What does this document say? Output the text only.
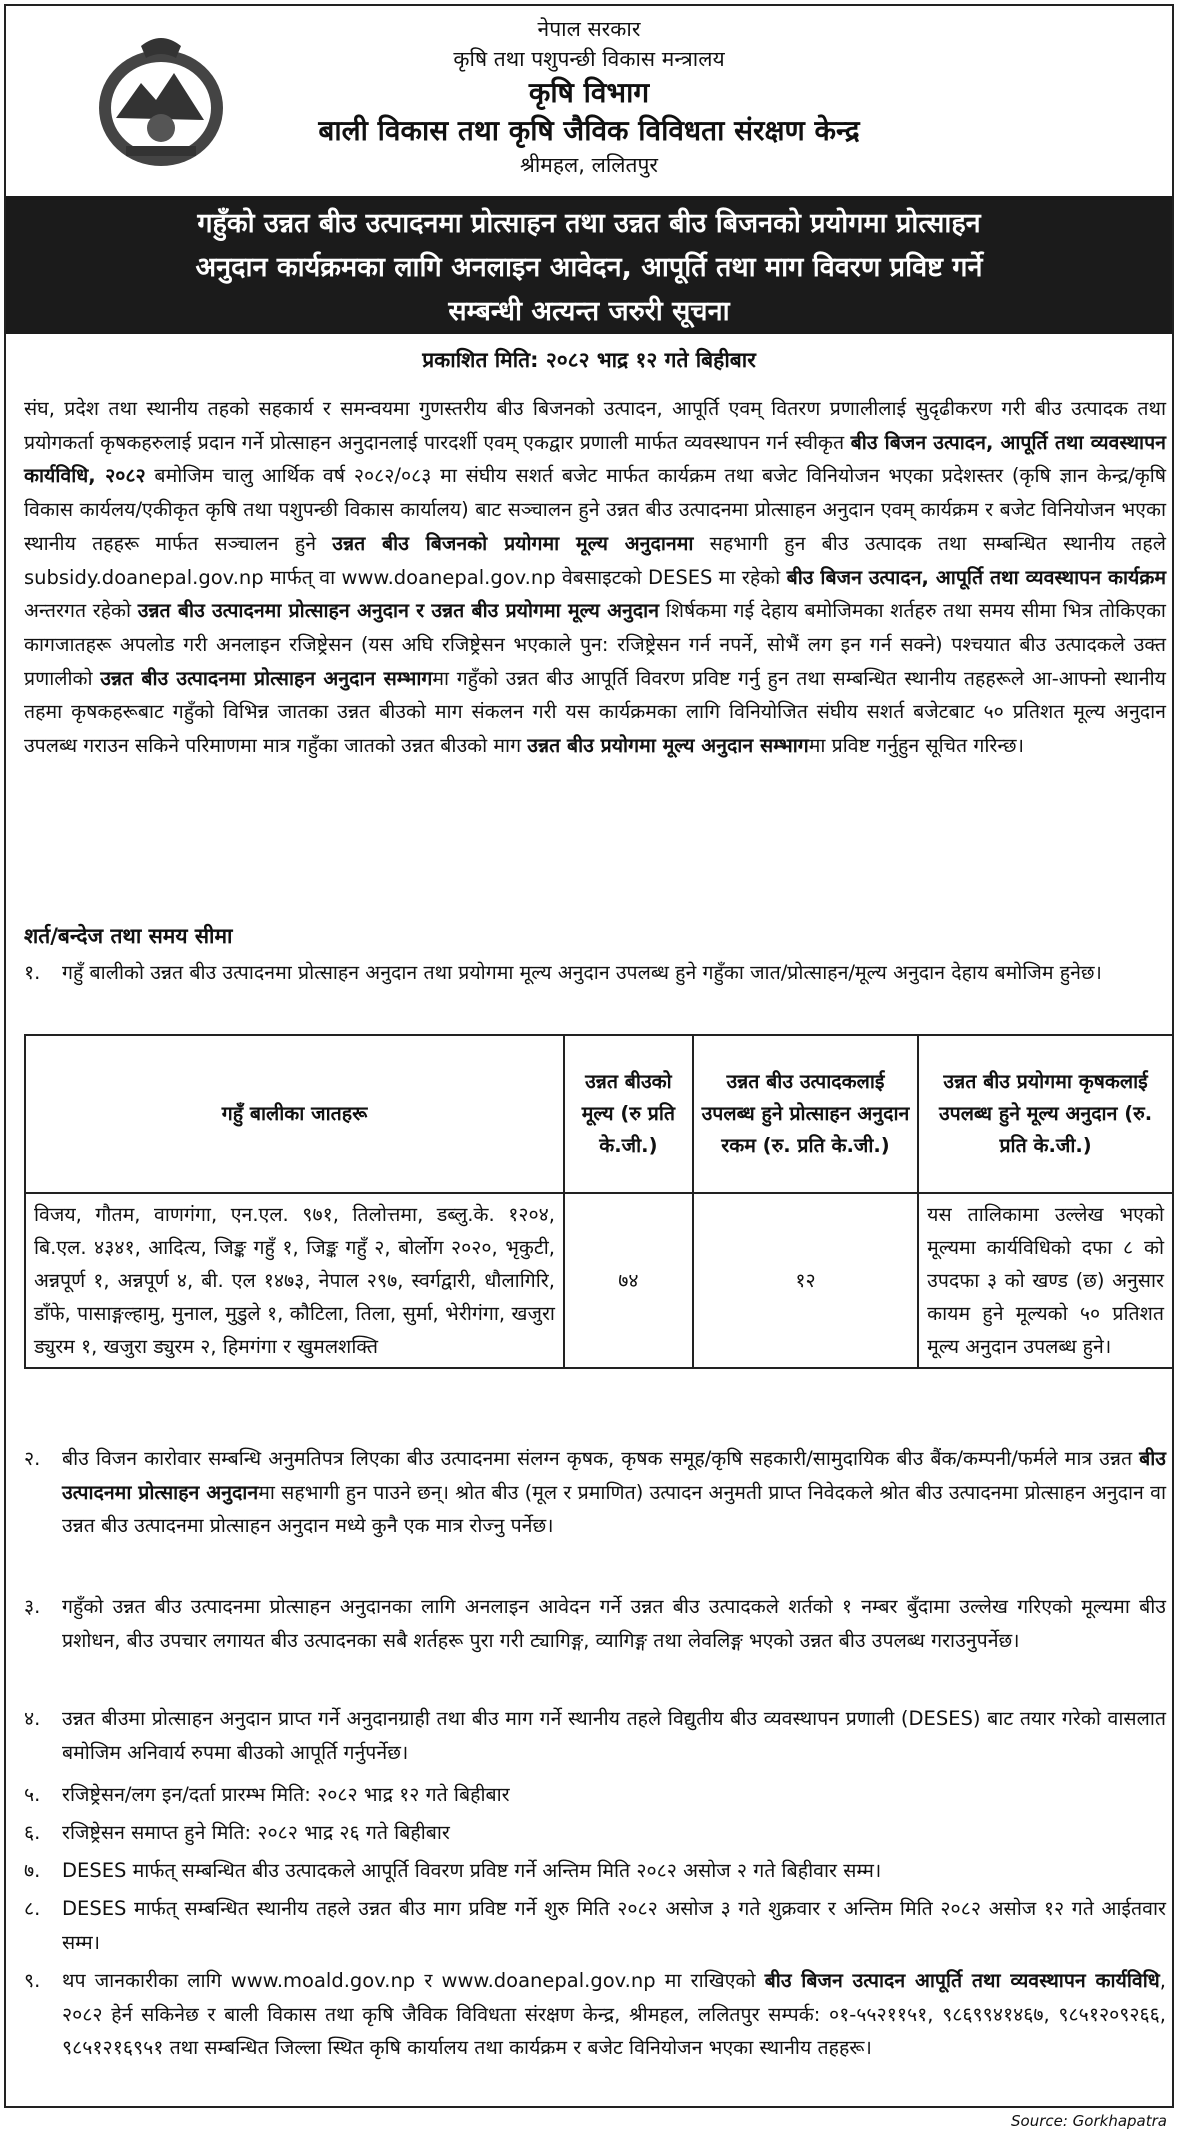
नेपाल सरकार
कृषि तथा पशुपन्छी विकास मन्त्रालय
कृषि विभाग
बाली विकास तथा कृषि जैविक विविधता संरक्षण केन्द्र
श्रीमहल, ललितपुर
गहुँको उन्नत बीउ उत्पादनमा प्रोत्साहन तथा उन्नत बीउ बिजनको प्रयोगमा प्रोत्साहन
अनुदान कार्यक्रमका लागि अनलाइन आवेदन, आपूर्ति तथा माग विवरण प्रविष्ट गर्ने
सम्बन्धी अत्यन्त जरुरी सूचना
प्रकाशित मिति: २०८२ भाद्र १२ गते बिहीबार
संघ, प्रदेश तथा स्थानीय तहको सहकार्य र समन्वयमा गुणस्तरीय बीउ बिजनको उत्पादन, आपूर्ति एवम् वितरण प्रणालीलाई सुदृढीकरण गरी बीउ उत्पादक तथा प्रयोगकर्ता कृषकहरुलाई प्रदान गर्ने प्रोत्साहन अनुदानलाई पारदर्शी एवम् एकद्वार प्रणाली मार्फत व्यवस्थापन गर्न स्वीकृत बीउ बिजन उत्पादन, आपूर्ति तथा व्यवस्थापन कार्यविधि, २०८२ बमोजिम चालु आर्थिक वर्ष २०८२/०८३ मा संघीय सशर्त बजेट मार्फत कार्यक्रम तथा बजेट विनियोजन भएका प्रदेशस्तर (कृषि ज्ञान केन्द्र/कृषि विकास कार्यलय/एकीकृत कृषि तथा पशुपन्छी विकास कार्यालय) बाट सञ्चालन हुने उन्नत बीउ उत्पादनमा प्रोत्साहन अनुदान एवम् कार्यक्रम र बजेट विनियोजन भएका स्थानीय तहहरू मार्फत सञ्चालन हुने उन्नत बीउ बिजनको प्रयोगमा मूल्य अनुदानमा सहभागी हुन बीउ उत्पादक तथा सम्बन्धित स्थानीय तहले subsidy.doanepal.gov.np मार्फत् वा www.doanepal.gov.np वेबसाइटको DESES मा रहेको बीउ बिजन उत्पादन, आपूर्ति तथा व्यवस्थापन कार्यक्रम अन्तरगत रहेको उन्नत बीउ उत्पादनमा प्रोत्साहन अनुदान र उन्नत बीउ प्रयोगमा मूल्य अनुदान शिर्षकमा गई देहाय बमोजिमका शर्तहरु तथा समय सीमा भित्र तोकिएका कागजातहरू अपलोड गरी अनलाइन रजिष्ट्रेसन (यस अघि रजिष्ट्रेसन भएकाले पुन: रजिष्ट्रेसन गर्न नपर्ने, सोभैं लग इन गर्न सक्ने) पश्चयात बीउ उत्पादकले उक्त प्रणालीको उन्नत बीउ उत्पादनमा प्रोत्साहन अनुदान सम्भागमा गहुँको उन्नत बीउ आपूर्ति विवरण प्रविष्ट गर्नु हुन तथा सम्बन्धित स्थानीय तहहरूले आ-आफ्नो स्थानीय तहमा कृषकहरूबाट गहुँको विभिन्न जातका उन्नत बीउको माग संकलन गरी यस कार्यक्रमका लागि विनियोजित संघीय सशर्त बजेटबाट ५० प्रतिशत मूल्य अनुदान उपलब्ध गराउन सकिने परिमाणमा मात्र गहुँका जातको उन्नत बीउको माग उन्नत बीउ प्रयोगमा मूल्य अनुदान सम्भागमा प्रविष्ट गर्नुहुन सूचित गरिन्छ।
शर्त/बन्देज तथा समय सीमा
१.	गहुँ बालीको उन्नत बीउ उत्पादनमा प्रोत्साहन अनुदान तथा प्रयोगमा मूल्य अनुदान उपलब्ध हुने गहुँका जात/प्रोत्साहन/मूल्य अनुदान देहाय बमोजिम हुनेछ।
गहुँ बालीका जातहरू	उन्नत बीउको मूल्य (रु प्रति के.जी.)	उन्नत बीउ उत्पादकलाई उपलब्ध हुने प्रोत्साहन अनुदान रकम (रु. प्रति के.जी.)	उन्नत बीउ प्रयोगमा कृषकलाई उपलब्ध हुने मूल्य अनुदान (रु. प्रति के.जी.)
विजय, गौतम, वाणगंगा, एन.एल. ९७१, तिलोत्तमा, डब्लु.के. १२०४, बि.एल. ४३४१, आदित्य, जिङ्क गहुँ १, जिङ्क गहुँ २, बोर्लोग २०२०, भृकुटी, अन्नपूर्ण १, अन्नपूर्ण ४, बी. एल १४७३, नेपाल २९७, स्वर्गद्वारी, धौलागिरि, डाँफे, पासाङ्गल्हामु, मुनाल, मुडुले १, कौटिला, तिला, सुर्मा, भेरीगंगा, खजुरा ड्युरम १, खजुरा ड्युरम २, हिमगंगा र खुमलशक्ति	७४	१२	यस तालिकामा उल्लेख भएको मूल्यमा कार्यविधिको दफा ८ को उपदफा ३ को खण्ड (छ) अनुसार कायम हुने मूल्यको ५० प्रतिशत मूल्य अनुदान उपलब्ध हुने।
२.	बीउ विजन कारोवार सम्बन्धि अनुमतिपत्र लिएका बीउ उत्पादनमा संलग्न कृषक, कृषक समूह/कृषि सहकारी/सामुदायिक बीउ बैंक/कम्पनी/फर्मले मात्र उन्नत बीउ उत्पादनमा प्रोत्साहन अनुदानमा सहभागी हुन पाउने छन्। श्रोत बीउ (मूल र प्रमाणित) उत्पादन अनुमती प्राप्त निवेदकले श्रोत बीउ उत्पादनमा प्रोत्साहन अनुदान वा उन्नत बीउ उत्पादनमा प्रोत्साहन अनुदान मध्ये कुनै एक मात्र रोज्नु पर्नेछ।
३.	गहुँको उन्नत बीउ उत्पादनमा प्रोत्साहन अनुदानका लागि अनलाइन आवेदन गर्ने उन्नत बीउ उत्पादकले शर्तको १ नम्बर बुँदामा उल्लेख गरिएको मूल्यमा बीउ प्रशोधन, बीउ उपचार लगायत बीउ उत्पादनका सबै शर्तहरू पुरा गरी ट्यागिङ्ग, व्यागिङ्ग तथा लेवलिङ्ग भएको उन्नत बीउ उपलब्ध गराउनुपर्नेछ।
४.	उन्नत बीउमा प्रोत्साहन अनुदान प्राप्त गर्ने अनुदानग्राही तथा बीउ माग गर्ने स्थानीय तहले विद्युतीय बीउ व्यवस्थापन प्रणाली (DESES) बाट तयार गरेको वासलात बमोजिम अनिवार्य रुपमा बीउको आपूर्ति गर्नुपर्नेछ।
५.	रजिष्ट्रेसन/लग इन/दर्ता प्रारम्भ मिति: २०८२ भाद्र १२ गते बिहीबार
६.	रजिष्ट्रेसन समाप्त हुने मिति: २०८२ भाद्र २६ गते बिहीबार
७.	DESES मार्फत् सम्बन्धित बीउ उत्पादकले आपूर्ति विवरण प्रविष्ट गर्ने अन्तिम मिति २०८२ असोज २ गते बिहीवार सम्म।
८.	DESES मार्फत् सम्बन्धित स्थानीय तहले उन्नत बीउ माग प्रविष्ट गर्ने शुरु मिति २०८२ असोज ३ गते शुक्रवार र अन्तिम मिति २०८२ असोज १२ गते आईतवार सम्म।
९.	थप जानकारीका लागि www.moald.gov.np र www.doanepal.gov.np मा राखिएको बीउ बिजन उत्पादन आपूर्ति तथा व्यवस्थापन कार्यविधि, २०८२ हेर्न सकिनेछ र बाली विकास तथा कृषि जैविक विविधता संरक्षण केन्द्र, श्रीमहल, ललितपुर सम्पर्क: ०१-५५२११५१, ९८६९९४१४६७, ९८५१२०९२६६, ९८५१२१६९५१ तथा सम्बन्धित जिल्ला स्थित कृषि कार्यालय तथा कार्यक्रम र बजेट विनियोजन भएका स्थानीय तहहरू।
Source: Gorkhapatra
